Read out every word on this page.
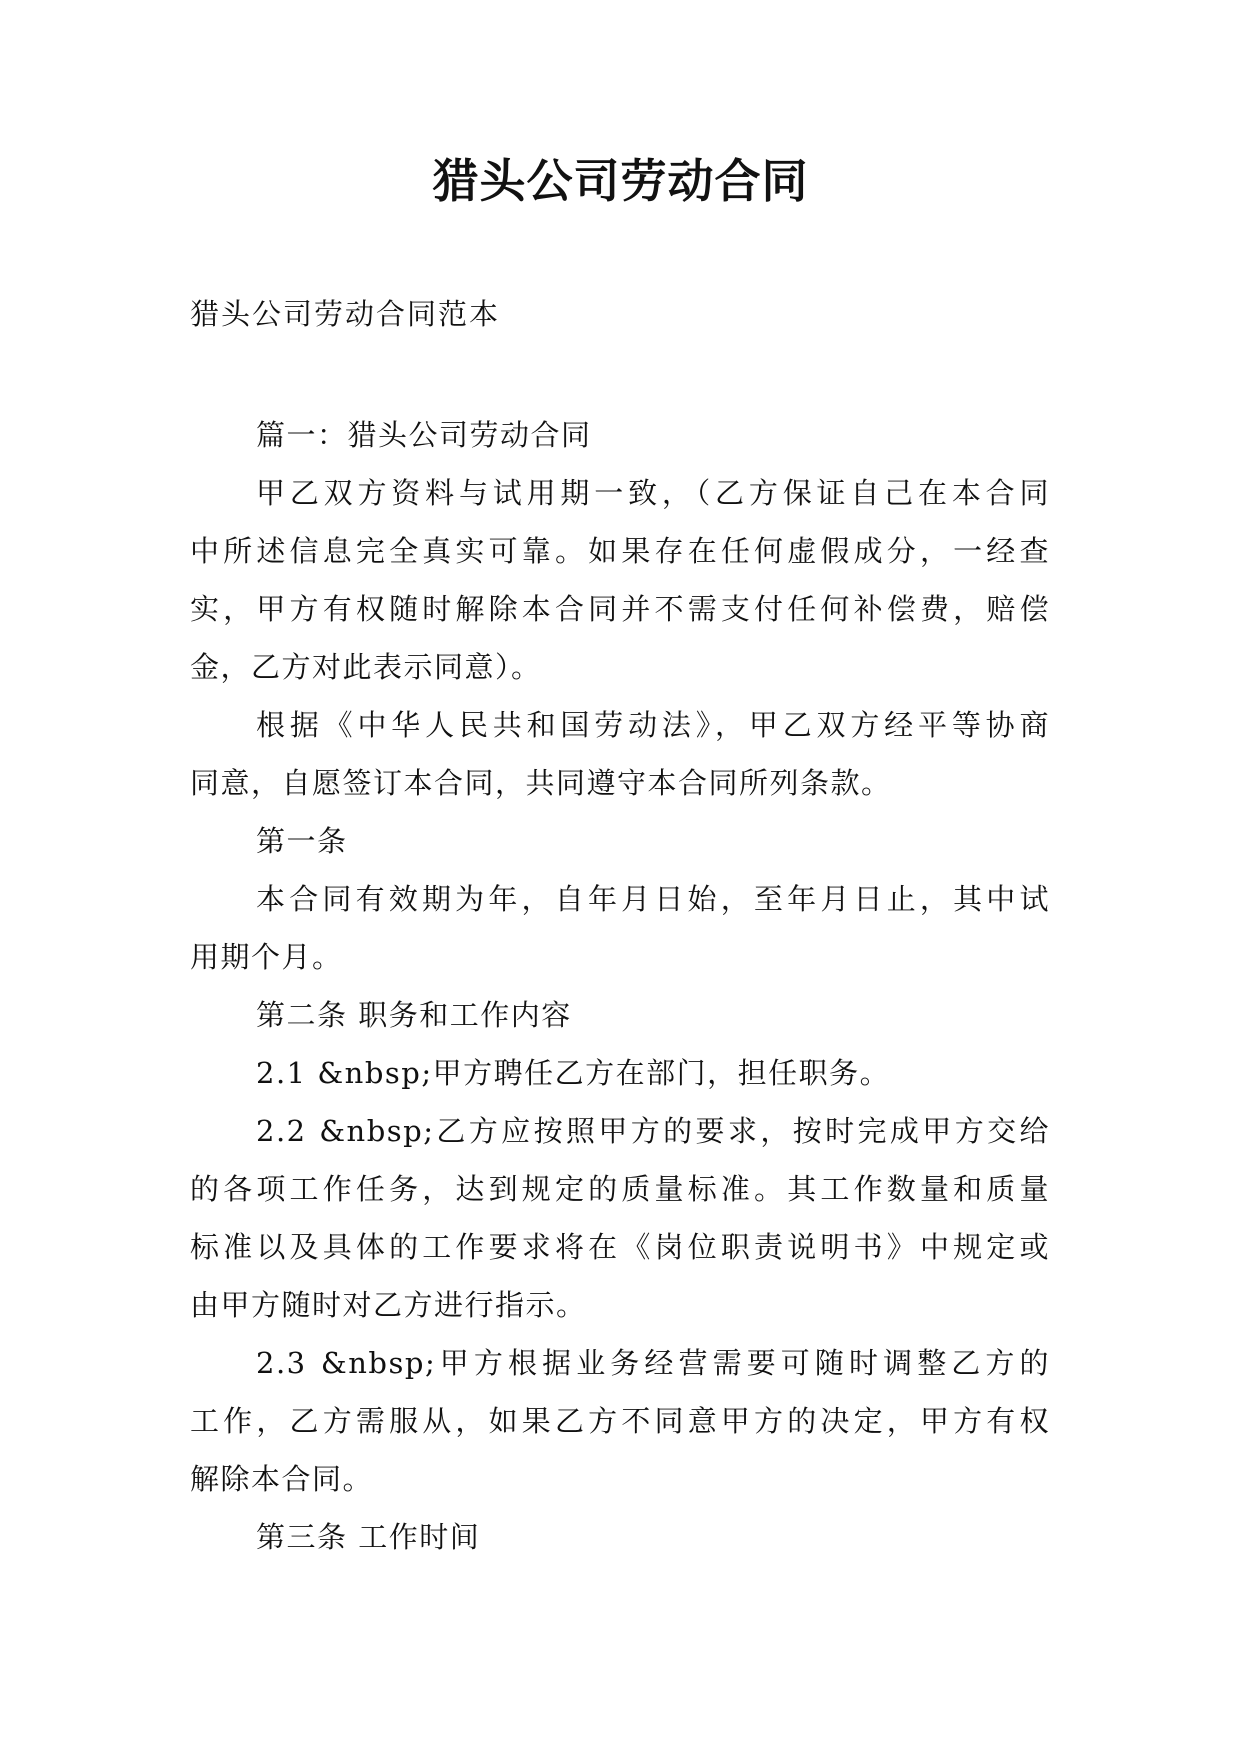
猎头公司劳动合同
猎头公司劳动合同范本
篇一：猎头公司劳动合同
甲乙双方资料与试用期一致，（乙方保证自己在本合同
中所述信息完全真实可靠。如果存在任何虚假成分，一经查
实，甲方有权随时解除本合同并不需支付任何补偿费，赔偿
金，乙方对此表示同意）。
根据《中华人民共和国劳动法》，甲乙双方经平等协商
同意，自愿签订本合同，共同遵守本合同所列条款。
第一条
本合同有效期为年，自年月日始，至年月日止，其中试
用期个月。
第二条 职务和工作内容
2.1 &nbsp;甲方聘任乙方在部门，担任职务。
2.2 &nbsp;乙方应按照甲方的要求，按时完成甲方交给
的各项工作任务，达到规定的质量标准。其工作数量和质量
标准以及具体的工作要求将在《岗位职责说明书》中规定或
由甲方随时对乙方进行指示。
2.3 &nbsp;甲方根据业务经营需要可随时调整乙方的
工作，乙方需服从，如果乙方不同意甲方的决定，甲方有权
解除本合同。
第三条 工作时间
